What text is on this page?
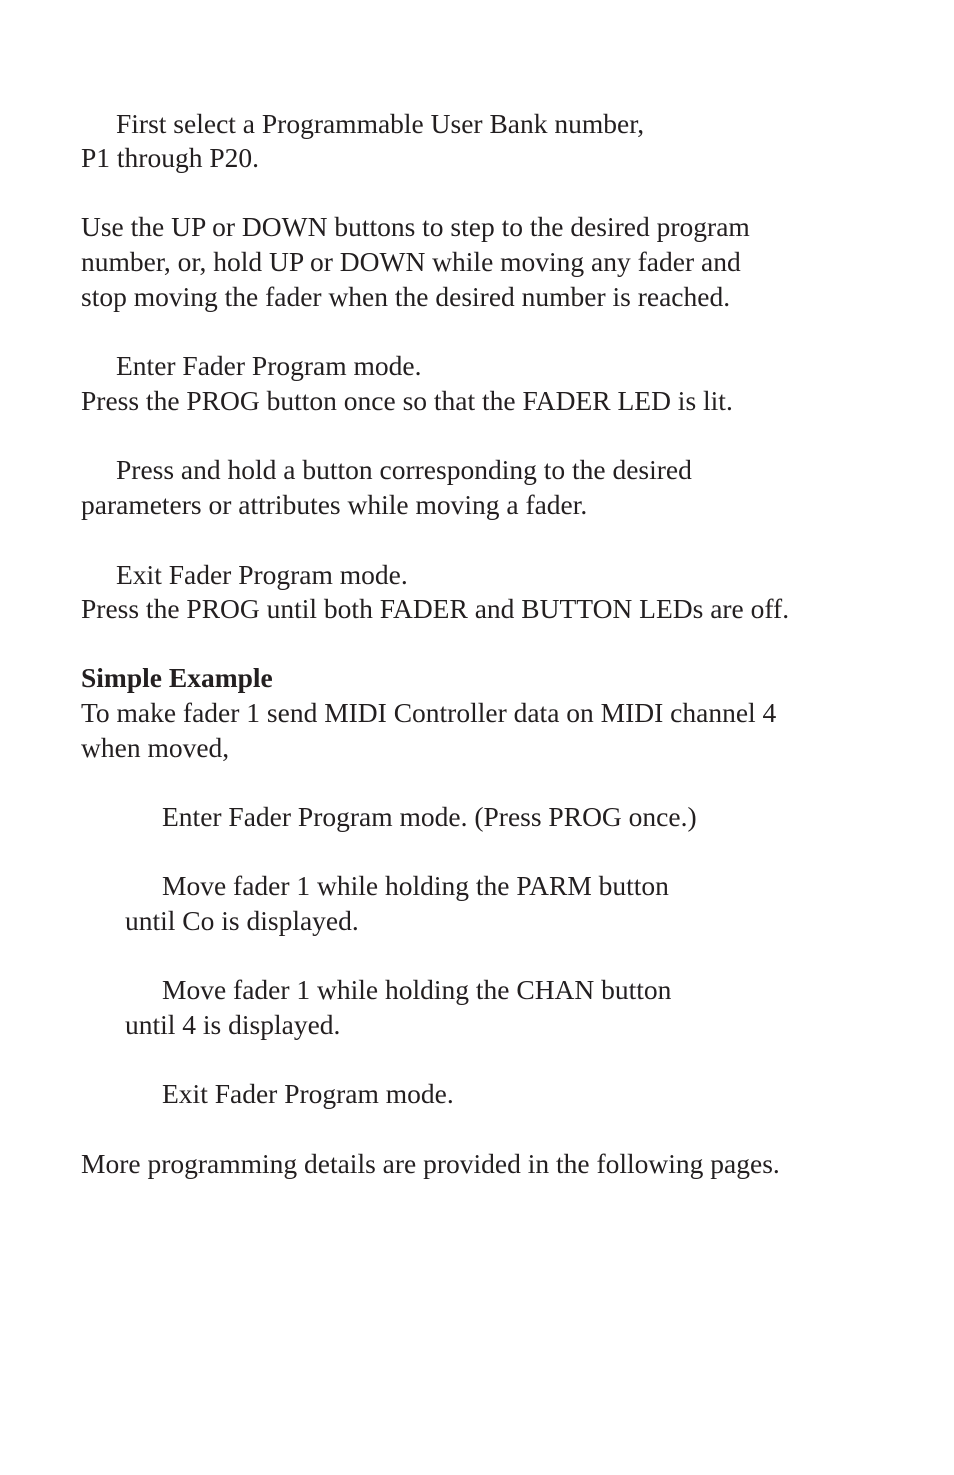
First select a Programmable User Bank number,
P1 through P20.
Use the UP or DOWN buttons to step to the desired program
number, or, hold UP or DOWN while moving any fader and
stop moving the fader when the desired number is reached.
Enter Fader Program mode.
Press the PROG button once so that the FADER LED is lit.
Press and hold a button corresponding to the desired
parameters or attributes while moving a fader.
Exit Fader Program mode.
Press the PROG until both FADER and BUTTON LEDs are off.
Simple Example
To make fader 1 send MIDI Controller data on MIDI channel 4
when moved,
Enter Fader Program mode. (Press PROG once.)
Move fader 1 while holding the PARM button
until Co is displayed.
Move fader 1 while holding the CHAN button
until 4 is displayed.
Exit Fader Program mode.
More programming details are provided in the following pages.
